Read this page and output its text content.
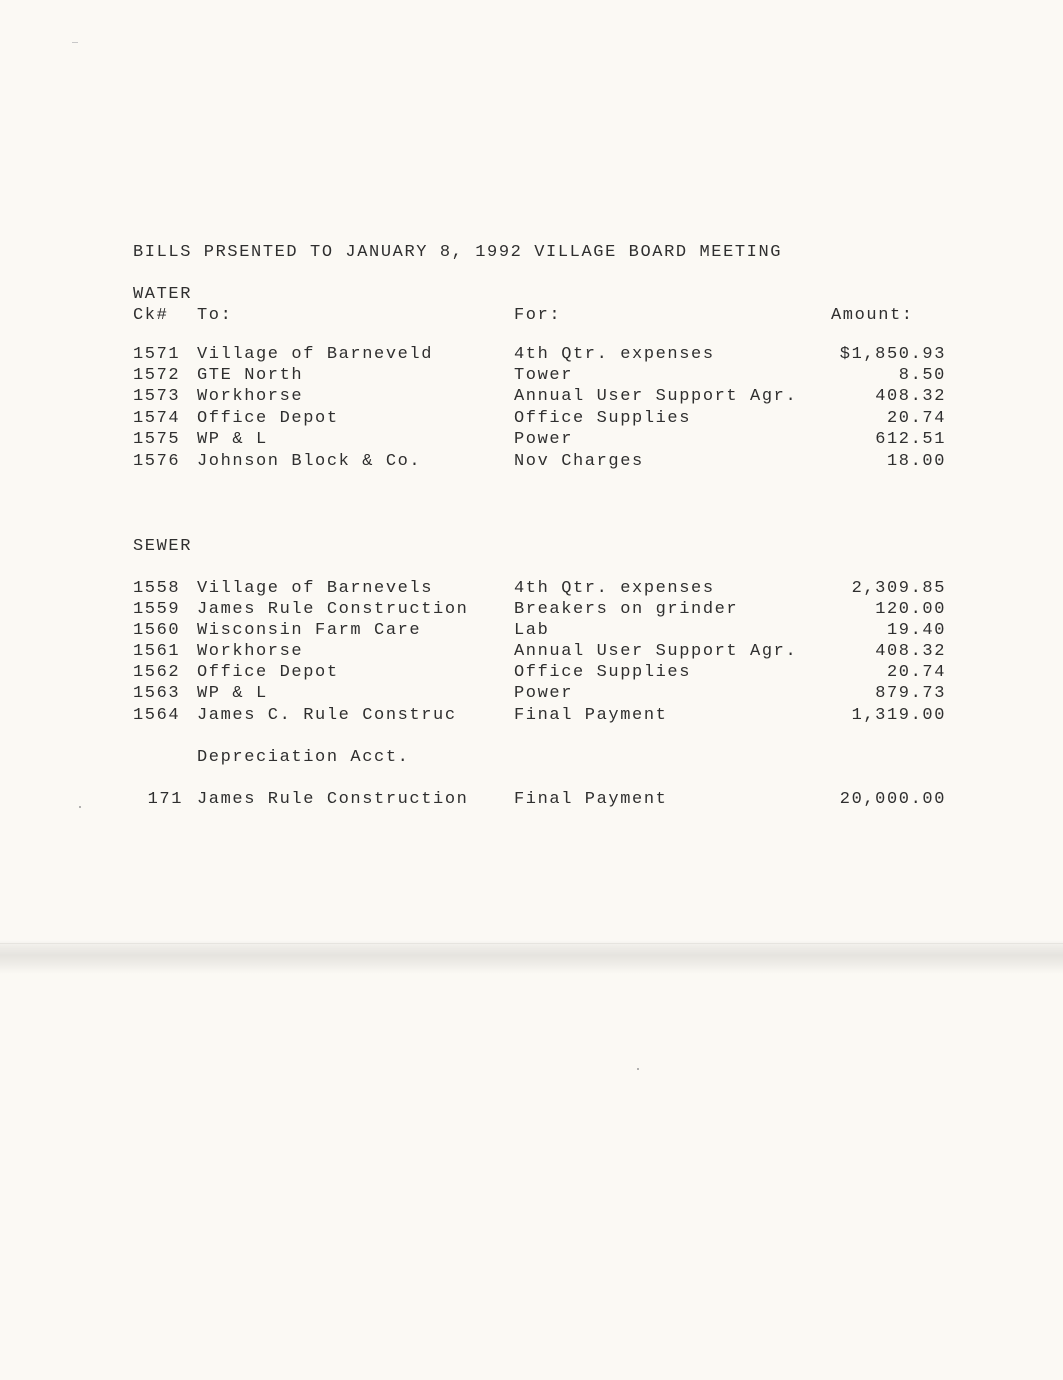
BILLS PRSENTED TO JANUARY 8, 1992 VILLAGE BOARD MEETING
WATER
Ck# To:	For:	Amount:
1571 Village of Barneveld	4th Qtr. expenses	$1,850.93
1572 GTE North	Tower	8.50
1573 Workhorse	Annual User Support Agr.	408.32
1574 Office Depot	Office Supplies	20.74
1575 WP & L	Power	612.51
1576 Johnson Block & Co.	Nov Charges	18.00
SEWER
1558 Village of Barnevels	4th Qtr. expenses	2,309.85
1559 James Rule Construction	Breakers on grinder	120.00
1560 Wisconsin Farm Care	Lab	19.40
1561 Workhorse	Annual User Support Agr.	408.32
1562 Office Depot	Office Supplies	20.74
1563 WP & L	Power	879.73
1564 James C. Rule Construc	Final Payment	1,319.00
Depreciation Acct.
171 James Rule Construction	Final Payment	20,000.00
